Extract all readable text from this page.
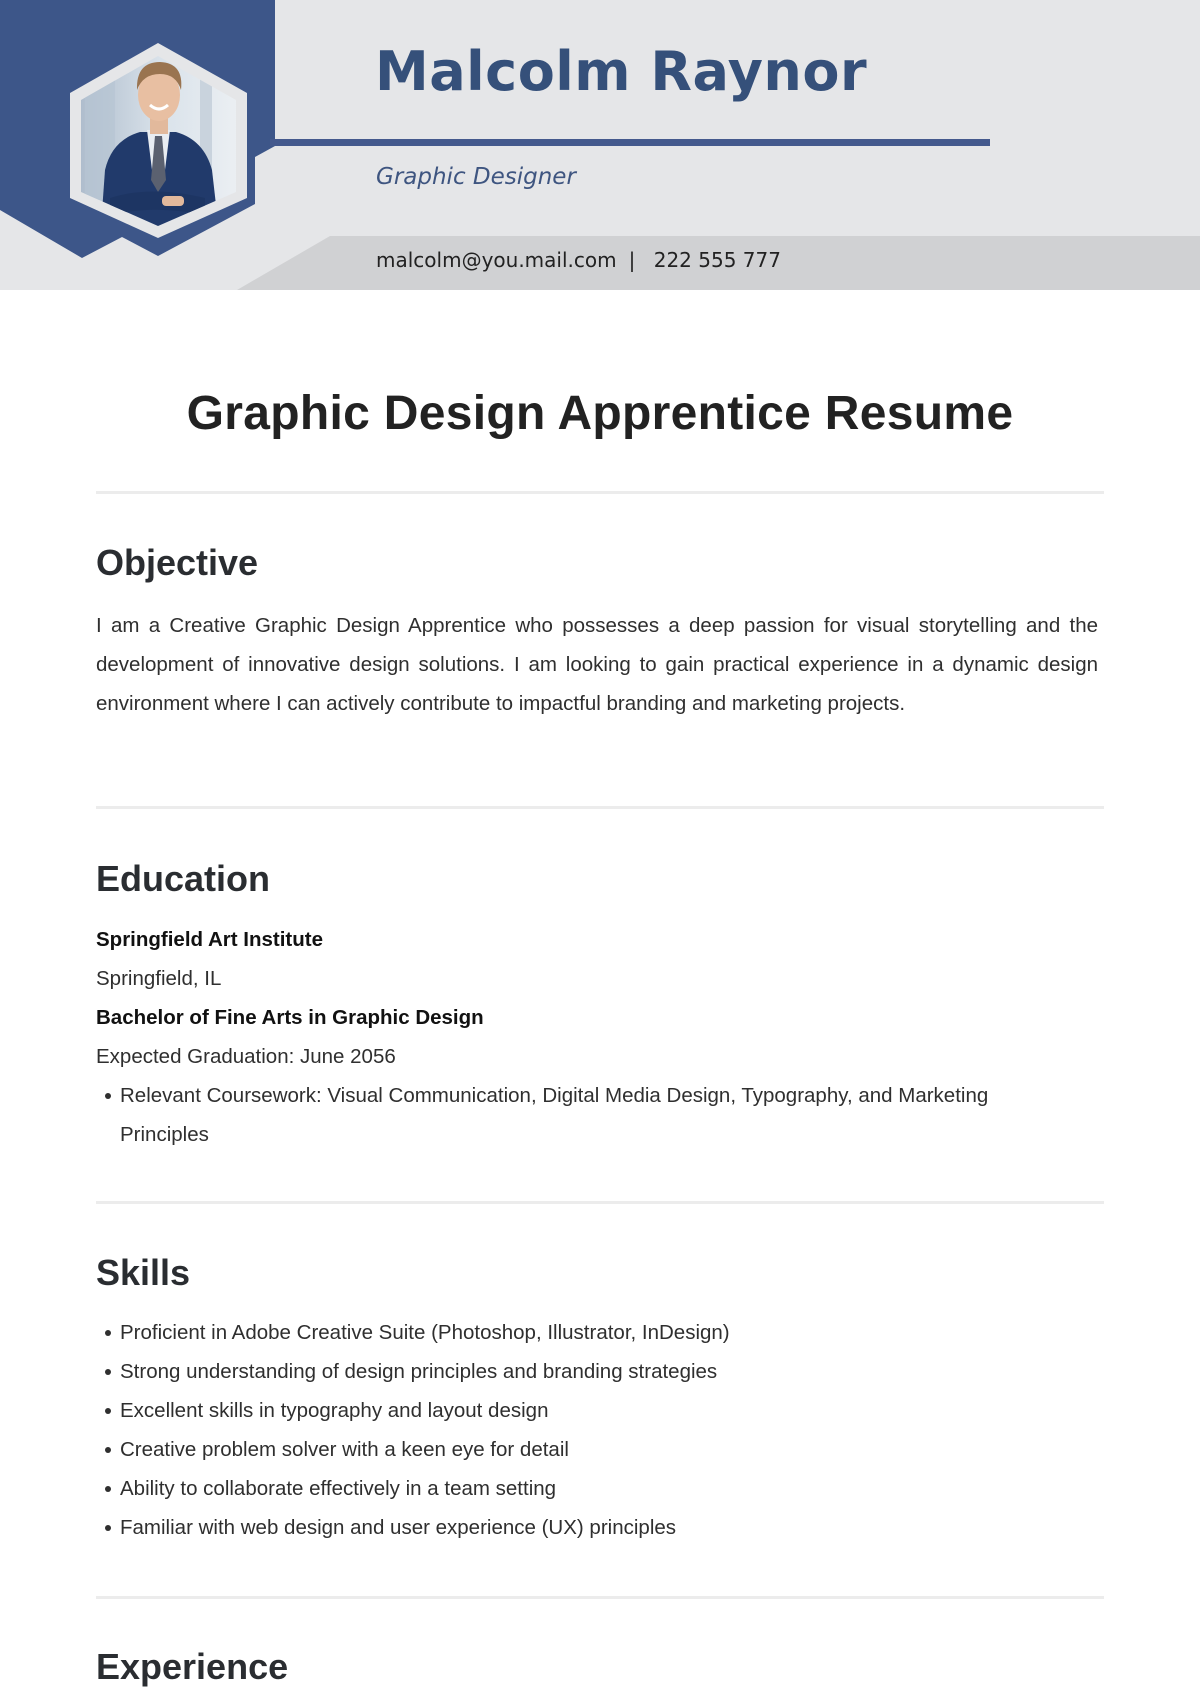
Malcolm Raynor
Graphic Designer
malcolm@you.mail.com | 222 555 777
Graphic Design Apprentice Resume
Objective

I am a Creative Graphic Design Apprentice who possesses a deep passion for visual storytelling and the development of innovative design solutions. I am looking to gain practical experience in a dynamic design environment where I can actively contribute to impactful branding and marketing projects.

Education
Springfield Art Institute
Springfield, IL
Bachelor of Fine Arts in Graphic Design
Expected Graduation: June 2056
Relevant Coursework: Visual Communication, Digital Media Design, Typography, and Marketing Principles
Skills
Proficient in Adobe Creative Suite (Photoshop, Illustrator, InDesign)
Strong understanding of design principles and branding strategies
Excellent skills in typography and layout design
Creative problem solver with a keen eye for detail
Ability to collaborate effectively in a team setting
Familiar with web design and user experience (UX) principles
Experience
